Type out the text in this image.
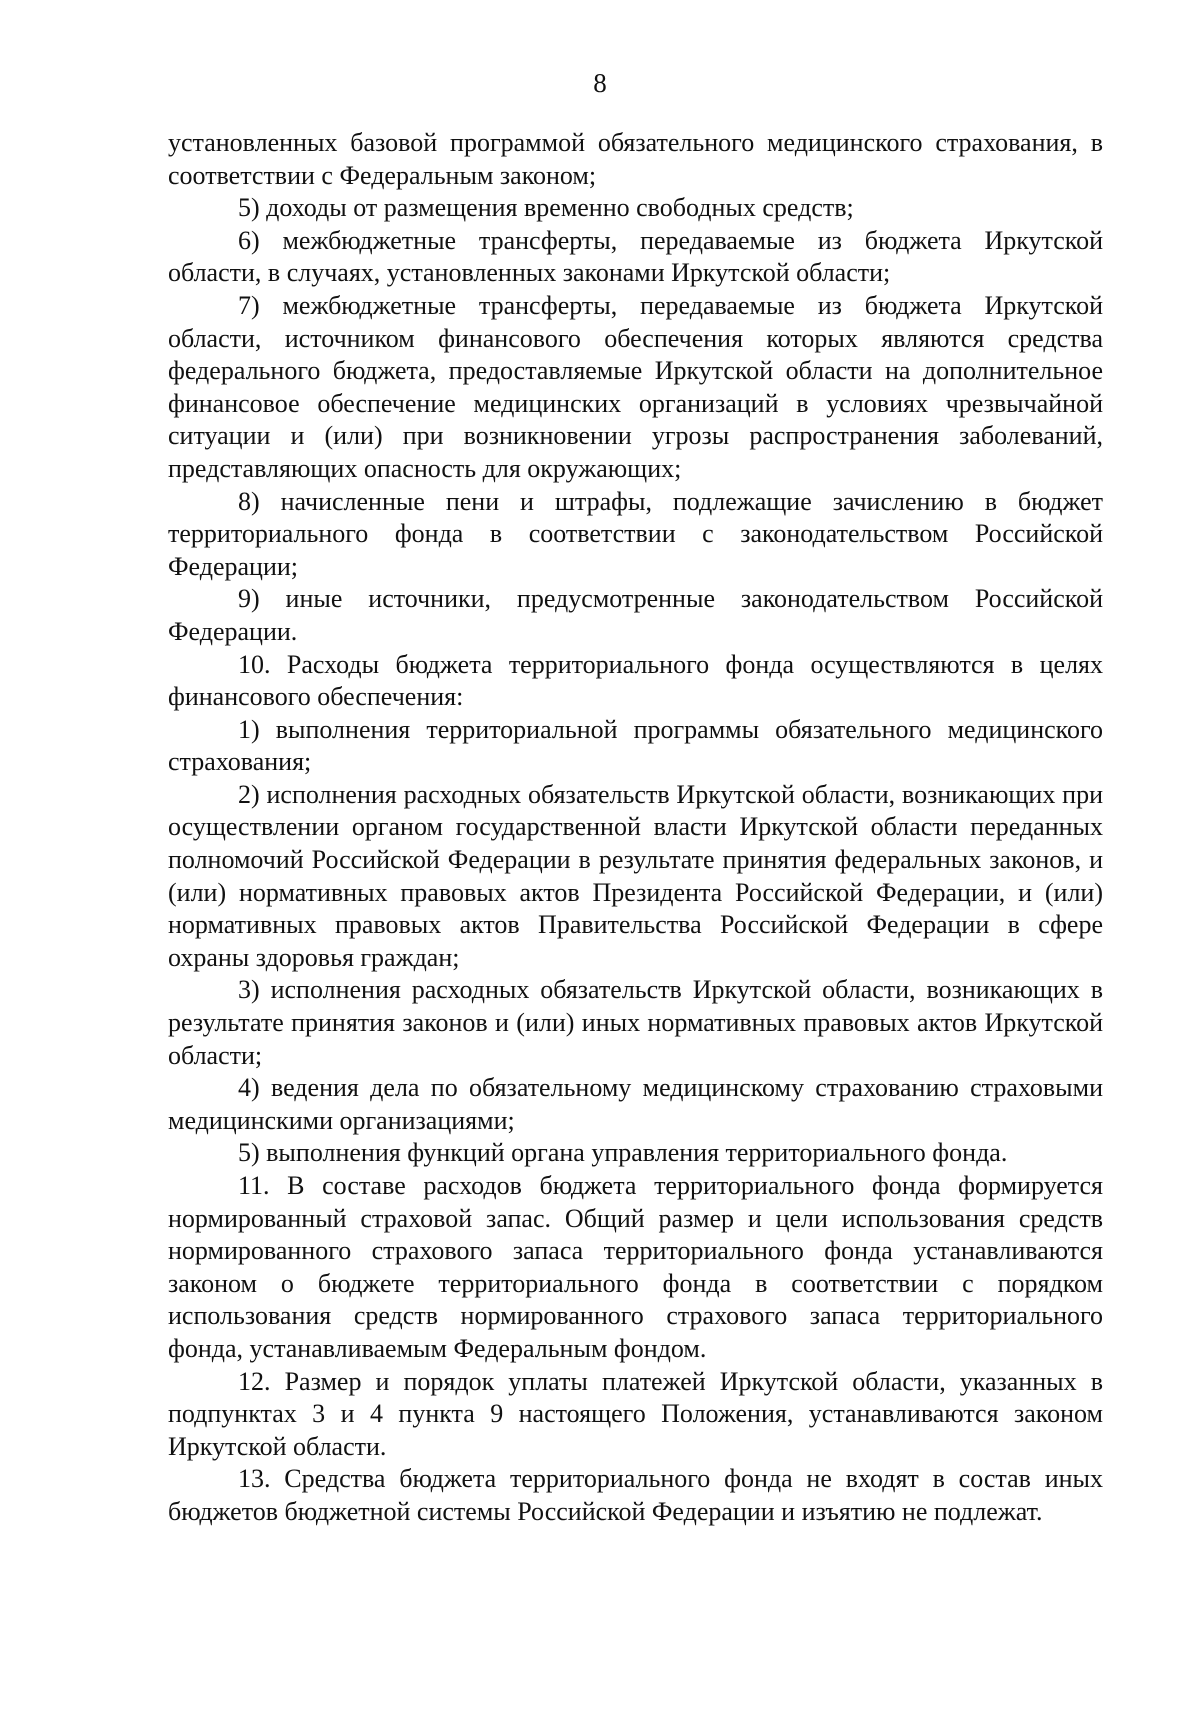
8

установленных базовой программой обязательного медицинского страхования, в соответствии с Федеральным законом;

5) доходы от размещения временно свободных средств;

6) межбюджетные трансферты, передаваемые из бюджета Иркутской области, в случаях, установленных законами Иркутской области;

7) межбюджетные трансферты, передаваемые из бюджета Иркутской области, источником финансового обеспечения которых являются средства федерального бюджета, предоставляемые Иркутской области на дополнительное финансовое обеспечение медицинских организаций в условиях чрезвычайной ситуации и (или) при возникновении угрозы распространения заболеваний, представляющих опасность для окружающих;

8) начисленные пени и штрафы, подлежащие зачислению в бюджет территориального фонда в соответствии с законодательством Российской Федерации;

9) иные источники, предусмотренные законодательством Российской Федерации.

10. Расходы бюджета территориального фонда осуществляются в целях финансового обеспечения:

1) выполнения территориальной программы обязательного медицинского страхования;

2) исполнения расходных обязательств Иркутской области, возникающих при осуществлении органом государственной власти Иркутской области переданных полномочий Российской Федерации в результате принятия федеральных законов, и (или) нормативных правовых актов Президента Российской Федерации, и (или) нормативных правовых актов Правительства Российской Федерации в сфере охраны здоровья граждан;

3) исполнения расходных обязательств Иркутской области, возникающих в результате принятия законов и (или) иных нормативных правовых актов Иркутской области;

4) ведения дела по обязательному медицинскому страхованию страховыми медицинскими организациями;

5) выполнения функций органа управления территориального фонда.

11. В составе расходов бюджета территориального фонда формируется нормированный страховой запас. Общий размер и цели использования средств нормированного страхового запаса территориального фонда устанавливаются законом о бюджете территориального фонда в соответствии с порядком использования средств нормированного страхового запаса территориального фонда, устанавливаемым Федеральным фондом.

12. Размер и порядок уплаты платежей Иркутской области, указанных в подпунктах 3 и 4 пункта 9 настоящего Положения, устанавливаются законом Иркутской области.

13. Средства бюджета территориального фонда не входят в состав иных бюджетов бюджетной системы Российской Федерации и изъятию не подлежат.
